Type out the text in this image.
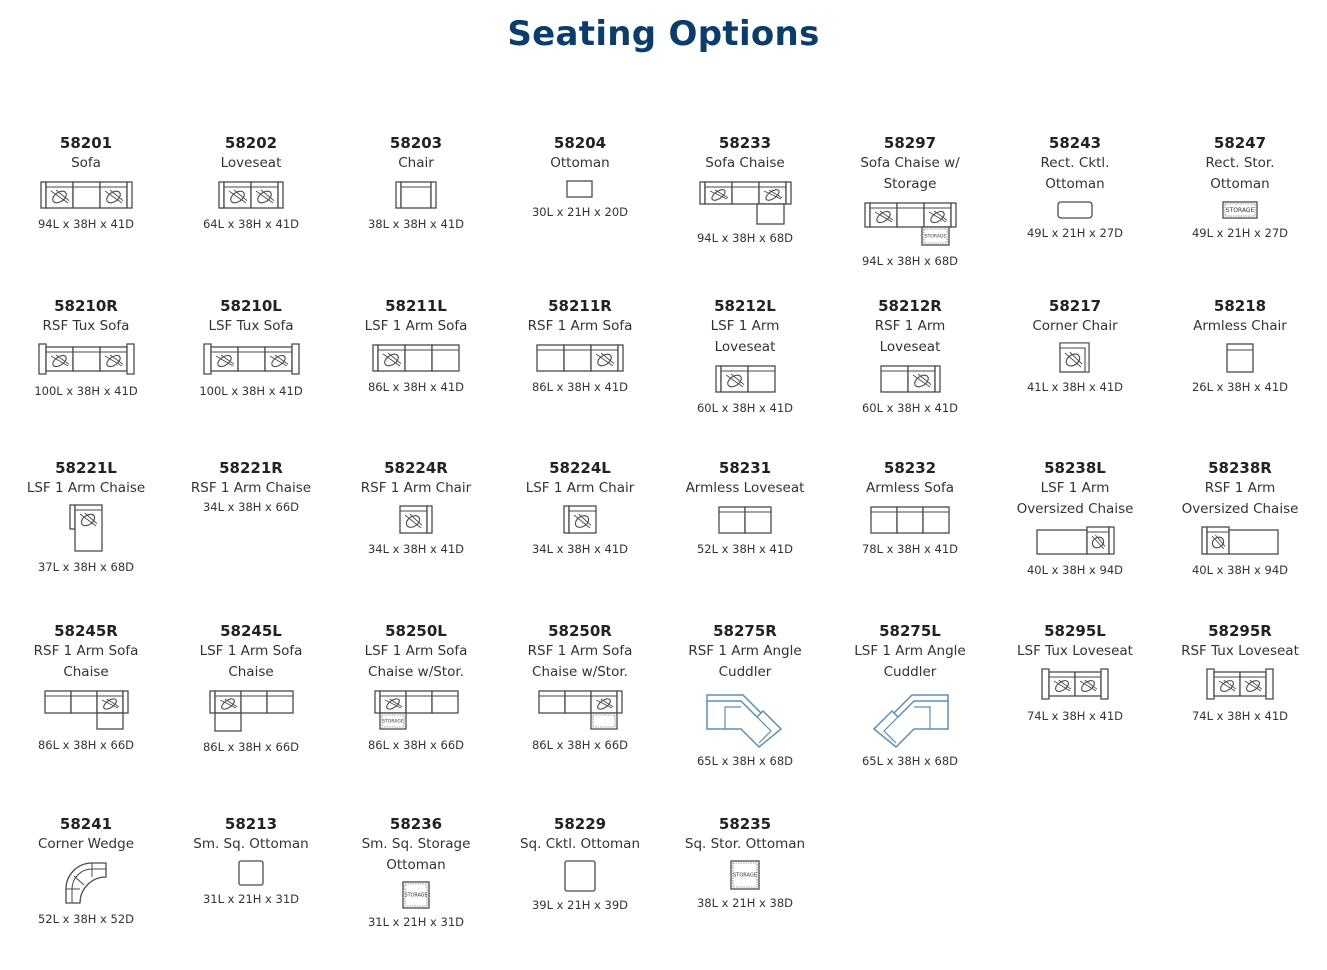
Seating Options
58201
Sofa
94L x 38H x 41D
58202
Loveseat
64L x 38H x 41D
58203
Chair
38L x 38H x 41D
58204
Ottoman
30L x 21H x 20D
58233
Sofa Chaise
94L x 38H x 68D
58297
Sofa Chaise w/
Storage
STORAGE
94L x 38H x 68D
58243
Rect. Cktl.
Ottoman
49L x 21H x 27D
58247
Rect. Stor.
Ottoman
STORAGE
49L x 21H x 27D
58210R
RSF Tux Sofa
100L x 38H x 41D
58210L
LSF Tux Sofa
100L x 38H x 41D
58211L
LSF 1 Arm Sofa
86L x 38H x 41D
58211R
RSF 1 Arm Sofa
86L x 38H x 41D
58212L
LSF 1 Arm
Loveseat
60L x 38H x 41D
58212R
RSF 1 Arm
Loveseat
60L x 38H x 41D
58217
Corner Chair
41L x 38H x 41D
58218
Armless Chair
26L x 38H x 41D
58221L
LSF 1 Arm Chaise
37L x 38H x 68D
58221R
RSF 1 Arm Chaise
34L x 38H x 66D
58224R
RSF 1 Arm Chair
34L x 38H x 41D
58224L
LSF 1 Arm Chair
34L x 38H x 41D
58231
Armless Loveseat
52L x 38H x 41D
58232
Armless Sofa
78L x 38H x 41D
58238L
LSF 1 Arm
Oversized Chaise
40L x 38H x 94D
58238R
RSF 1 Arm
Oversized Chaise
40L x 38H x 94D
58245R
RSF 1 Arm Sofa
Chaise
86L x 38H x 66D
58245L
LSF 1 Arm Sofa
Chaise
86L x 38H x 66D
58250L
LSF 1 Arm Sofa
Chaise w/Stor.
STORAGE
86L x 38H x 66D
58250R
RSF 1 Arm Sofa
Chaise w/Stor.
86L x 38H x 66D
58275R
RSF 1 Arm Angle
Cuddler
65L x 38H x 68D
58275L
LSF 1 Arm Angle
Cuddler
65L x 38H x 68D
58295L
LSF Tux Loveseat
74L x 38H x 41D
58295R
RSF Tux Loveseat
74L x 38H x 41D
58241
Corner Wedge
52L x 38H x 52D
58213
Sm. Sq. Ottoman
31L x 21H x 31D
58236
Sm. Sq. Storage
Ottoman
STORAGE
31L x 21H x 31D
58229
Sq. Cktl. Ottoman
39L x 21H x 39D
58235
Sq. Stor. Ottoman
STORAGE
38L x 21H x 38D
